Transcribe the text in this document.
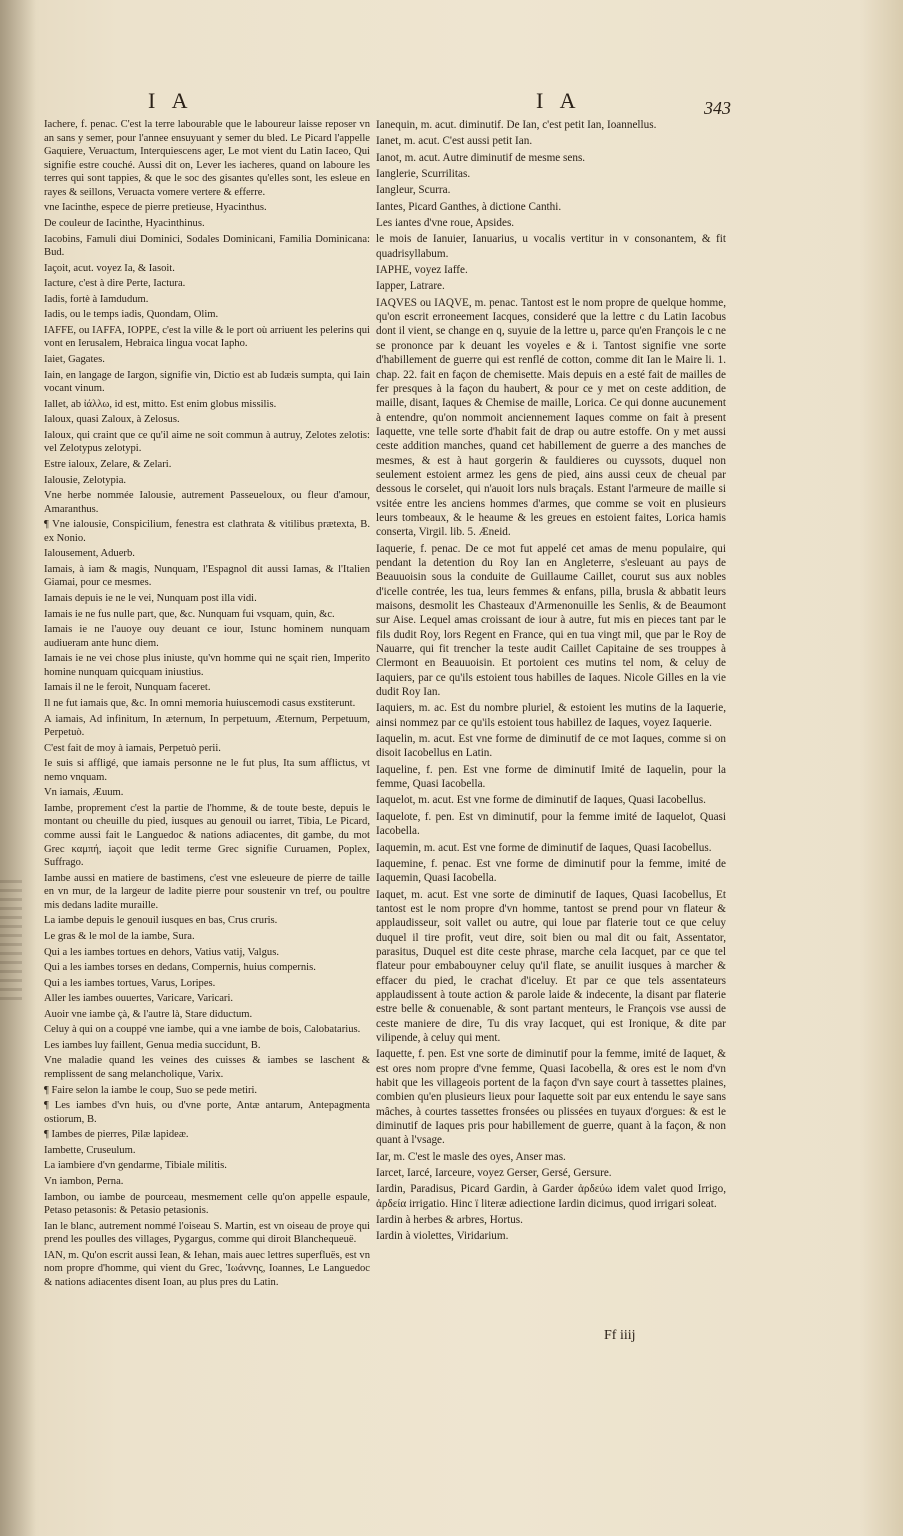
I A	I A	343

Iachere, f. penac. C'est la terre labourable que le laboureur laisse reposer vn an sans y semer, pour l'annee ensuyuant y semer du bled. Le Picard l'appelle Gaquiere, Veruactum, Interquiescens ager, Le mot vient du Latin Iaceo, Qui signifie estre couché. Aussi dit on, Lever les iacheres, quand on laboure les terres qui sont tappies, & que le soc des gisantes qu'elles sont, les esleue en rayes & seillons, Veruacta vomere vertere & efferre.

vne Iacinthe, espece de pierre pretieuse, Hyacinthus.

De couleur de Iacinthe, Hyacinthinus.

Iacobins, Famuli diui Dominici, Sodales Dominicani, Familia Dominicana: Bud.

Iaçoit, acut. voyez Ia, & Iasoit.

Iacture, c'est à dire Perte, Iactura.

Iadis, fortè à Iamdudum.

Iadis, ou le temps iadis, Quondam, Olim.

IAFFE, ou IAFFA, IOPPE, c'est la ville & le port où arriuent les pelerins qui vont en Ierusalem, Hebraica lingua vocat Iapho.

Iaiet, Gagates.

Iain, en langage de Iargon, signifie vin, Dictio est ab Iudæis sumpta, qui Iain vocant vinum.

Iallet, ab ἰάλλω, id est, mitto. Est enim globus missilis.

Ialoux, quasi Zaloux, à Zelosus.

Ialoux, qui craint que ce qu'il aime ne soit commun à autruy, Zelotes zelotis: vel Zelotypus zelotypi.

Estre ialoux, Zelare, & Zelari.

Ialousie, Zelotypia.

Vne herbe nommée Ialousie, autrement Passeueloux, ou fleur d'amour, Amaranthus.

¶ Vne ialousie, Conspicilium, fenestra est clathrata & vitilibus prætexta, B. ex Nonio.

Ialousement, Aduerb.

Iamais, à iam & magis, Nunquam, l'Espagnol dit aussi Iamas, & l'Italien Giamai, pour ce mesmes.

Iamais depuis ie ne le vei, Nunquam post illa vidi.

Iamais ie ne fus nulle part, que, &c. Nunquam fui vsquam, quin, &c.

Iamais ie ne l'auoye ouy deuant ce iour, Istunc hominem nunquam audiueram ante hunc diem.

Iamais ie ne vei chose plus iniuste, qu'vn homme qui ne sçait rien, Imperito homine nunquam quicquam iniustius.

Iamais il ne le feroit, Nunquam faceret.

Il ne fut iamais que, &c. In omni memoria huiuscemodi casus exstiterunt.

A iamais, Ad infinitum, In æternum, In perpetuum, Æternum, Perpetuum, Perpetuò.

C'est fait de moy à iamais, Perpetuò perii.

Ie suis si affligé, que iamais personne ne le fut plus, Ita sum afflictus, vt nemo vnquam.

Vn iamais, Æuum.

Iambe, proprement c'est la partie de l'homme, & de toute beste, depuis le montant ou cheuille du pied, iusques au genouil ou iarret, Tibia, Le Picard, comme aussi fait le Languedoc & nations adiacentes, dit gambe, du mot Grec καμπή, iaçoit que ledit terme Grec signifie Curuamen, Poplex, Suffrago.

Iambe aussi en matiere de bastimens, c'est vne esleueure de pierre de taille en vn mur, de la largeur de ladite pierre pour soustenir vn tref, ou poultre mis dedans ladite muraille.

La iambe depuis le genouil iusques en bas, Crus cruris.

Le gras & le mol de la iambe, Sura.

Qui a les iambes tortues en dehors, Vatius vatij, Valgus.

Qui a les iambes torses en dedans, Compernis, huius compernis.

Qui a les iambes tortues, Varus, Loripes.

Aller les iambes ouuertes, Varicare, Varicari.

Auoir vne iambe çà, & l'autre là, Stare diductum.

Celuy à qui on a couppé vne iambe, qui a vne iambe de bois, Calobatarius.

Les iambes luy faillent, Genua media succidunt, B.

Vne maladie quand les veines des cuisses & iambes se laschent & remplissent de sang melancholique, Varix.

¶ Faire selon la iambe le coup, Suo se pede metiri.

¶ Les iambes d'vn huis, ou d'vne porte, Antæ antarum, Antepagmenta ostiorum, B.

¶ Iambes de pierres, Pilæ lapideæ.

Iambette, Cruseulum.

La iambiere d'vn gendarme, Tibiale militis.

Vn iambon, Perna.

Iambon, ou iambe de pourceau, mesmement celle qu'on appelle espaule, Petaso petasonis: & Petasio petasionis.

Ian le blanc, autrement nommé l'oiseau S. Martin, est vn oiseau de proye qui prend les poulles des villages, Pygargus, comme qui diroit Blanchequeuë.

IAN, m. Qu'on escrit aussi Iean, & Iehan, mais auec lettres superfluës, est vn nom propre d'homme, qui vient du Grec, Ἰωάννης, Ioannes, Le Languedoc & nations adiacentes disent Ioan, au plus pres du Latin.

Ianequin, m. acut. diminutif. De Ian, c'est petit Ian, Ioannellus.

Ianet, m. acut. C'est aussi petit Ian.

Ianot, m. acut. Autre diminutif de mesme sens.

Ianglerie, Scurrilitas.

Iangleur, Scurra.

Iantes, Picard Ganthes, à dictione Canthi.

Les iantes d'vne roue, Apsides.

le mois de Ianuier, Ianuarius, u vocalis vertitur in v consonantem, & fit quadrisyllabum.

IAPHE, voyez Iaffe.

Iapper, Latrare.

IAQVES ou IAQVE, m. penac. Tantost est le nom propre de quelque homme, qu'on escrit erroneement Iacques, consideré que la lettre c du Latin Iacobus dont il vient, se change en q, suyuie de la lettre u, parce qu'en François le c ne se prononce par k deuant les voyeles e & i. Tantost signifie vne sorte d'habillement de guerre qui est renflé de cotton, comme dit Ian le Maire li. 1. chap. 22. fait en façon de chemisette. Mais depuis en a esté fait de mailles de fer presques à la façon du haubert, & pour ce y met on ceste addition, de maille, disant, Iaques & Chemise de maille, Lorica. Ce qui donne aucunement à entendre, qu'on nommoit anciennement Iaques comme on fait à present Iaquette, vne telle sorte d'habit fait de drap ou autre estoffe. On y met aussi ceste addition manches, quand cet habillement de guerre a des manches de mesmes, & est à haut gorgerin & fauldieres ou cuyssots, duquel non seulement estoient armez les gens de pied, ains aussi ceux de cheual par dessous le corselet, qui n'auoit lors nuls braçals. Estant l'armeure de maille si vsitée entre les anciens hommes d'armes, que comme se voit en plusieurs leurs tombeaux, & le heaume & les greues en estoient faites, Lorica hamis conserta, Virgil. lib. 5. Æneid.

Iaquerie, f. penac. De ce mot fut appelé cet amas de menu populaire, qui pendant la detention du Roy Ian en Angleterre, s'esleuant au pays de Beauuoisin sous la conduite de Guillaume Caillet, courut sus aux nobles d'icelle contrée, les tua, leurs femmes & enfans, pilla, brusla & abbatit leurs maisons, desmolit les Chasteaux d'Armenonuille les Senlis, & de Beaumont sur Aise. Lequel amas croissant de iour à autre, fut mis en pieces tant par le fils dudit Roy, lors Regent en France, qui en tua vingt mil, que par le Roy de Nauarre, qui fit trencher la teste audit Caillet Capitaine de ses trouppes à Clermont en Beauuoisin. Et portoient ces mutins tel nom, & celuy de Iaquiers, par ce qu'ils estoient tous habilles de Iaques. Nicole Gilles en la vie dudit Roy Ian.

Iaquiers, m. ac. Est du nombre pluriel, & estoient les mutins de la Iaquerie, ainsi nommez par ce qu'ils estoient tous habillez de Iaques, voyez Iaquerie.

Iaquelin, m. acut. Est vne forme de diminutif de ce mot Iaques, comme si on disoit Iacobellus en Latin.

Iaqueline, f. pen. Est vne forme de diminutif Imité de Iaquelin, pour la femme, Quasi Iacobella.

Iaquelot, m. acut. Est vne forme de diminutif de Iaques, Quasi Iacobellus.

Iaquelote, f. pen. Est vn diminutif, pour la femme imité de Iaquelot, Quasi Iacobella.

Iaquemin, m. acut. Est vne forme de diminutif de Iaques, Quasi Iacobellus.

Iaquemine, f. penac. Est vne forme de diminutif pour la femme, imité de Iaquemin, Quasi Iacobella.

Iaquet, m. acut. Est vne sorte de diminutif de Iaques, Quasi Iacobellus, Et tantost est le nom propre d'vn homme, tantost se prend pour vn flateur & applaudisseur, soit vallet ou autre, qui loue par flaterie tout ce que celuy duquel il tire profit, veut dire, soit bien ou mal dit ou fait, Assentator, parasitus, Duquel est dite ceste phrase, marche cela Iacquet, par ce que tel flateur pour embabouyner celuy qu'il flate, se anuilit iusques à marcher & effacer du pied, le crachat d'iceluy. Et par ce que tels assentateurs applaudissent à toute action & parole laide & indecente, la disant par flaterie estre belle & conuenable, & sont partant menteurs, le François vse aussi de ceste maniere de dire, Tu dis vray Iacquet, qui est Ironique, & dite par vilipende, à celuy qui ment.

Iaquette, f. pen. Est vne sorte de diminutif pour la femme, imité de Iaquet, & est ores nom propre d'vne femme, Quasi Iacobella, & ores est le nom d'vn habit que les villageois portent de la façon d'vn saye court à tassettes plaines, combien qu'en plusieurs lieux pour Iaquette soit par eux entendu le saye sans mâches, à courtes tassettes fronsées ou plissées en tuyaux d'orgues: & est le diminutif de Iaques pris pour habillement de guerre, quant à la façon, & non quant à l'vsage.

Iar, m. C'est le masle des oyes, Anser mas.

Iarcet, Iarcé, Iarceure, voyez Gerser, Gersé, Gersure.

Iardin, Paradisus, Picard Gardin, à Garder ἀρδεύω idem valet quod Irrigo, ἀρδεία irrigatio. Hinc ï literæ adiectione Iardin dicimus, quod irrigari soleat.

Iardin à herbes & arbres, Hortus.

Iardin à violettes, Viridarium.

Ff iiij
